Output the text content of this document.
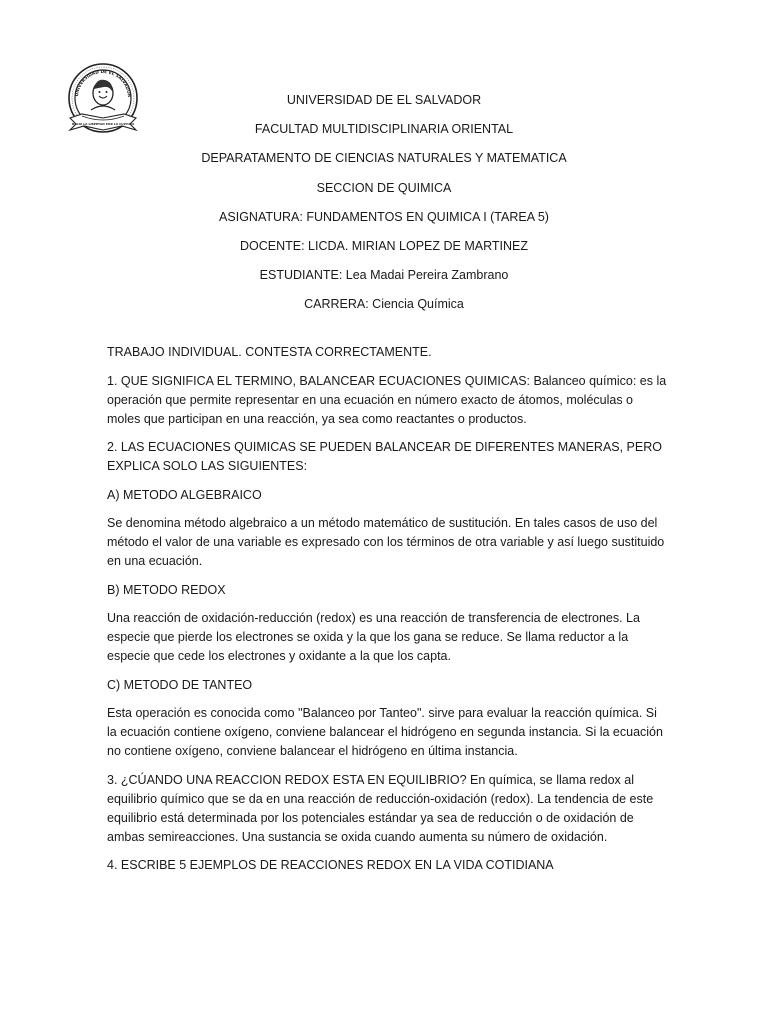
UNIVERSIDAD DE EL SALVADOR
HACIA LA LIBERTAD POR LA CULTURA
UNIVERSIDAD DE EL SALVADOR
FACULTAD MULTIDISCIPLINARIA ORIENTAL
DEPARATAMENTO DE CIENCIAS NATURALES Y MATEMATICA
SECCION DE QUIMICA
ASIGNATURA: FUNDAMENTOS EN QUIMICA I (TAREA 5)
DOCENTE: LICDA. MIRIAN LOPEZ DE MARTINEZ
ESTUDIANTE: Lea Madai Pereira Zambrano
CARRERA: Ciencia Química

TRABAJO INDIVIDUAL. CONTESTA CORRECTAMENTE.

1. QUE SIGNIFICA EL TERMINO, BALANCEAR ECUACIONES QUIMICAS: Balanceo químico: es la operación que permite representar en una ecuación en número exacto de átomos, moléculas o moles que participan en una reacción, ya sea como reactantes o productos.

2. LAS ECUACIONES QUIMICAS SE PUEDEN BALANCEAR DE DIFERENTES MANERAS, PERO EXPLICA SOLO LAS SIGUIENTES:

A) METODO ALGEBRAICO

Se denomina método algebraico a un método matemático de sustitución. En tales casos de uso del método el valor de una variable es expresado con los términos de otra variable y así luego sustituido en una ecuación.

B) METODO REDOX

Una reacción de oxidación-reducción (redox) es una reacción de transferencia de electrones. La especie que pierde los electrones se oxida y la que los gana se reduce. Se llama reductor a la especie que cede los electrones y oxidante a la que los capta.

C) METODO DE TANTEO

Esta operación es conocida como "Balanceo por Tanteo". sirve para evaluar la reacción química. Si la ecuación contiene oxígeno, conviene balancear el hidrógeno en segunda instancia. Si la ecuación no contiene oxígeno, conviene balancear el hidrógeno en última instancia.

3. ¿CÚANDO UNA REACCION REDOX ESTA EN EQUILIBRIO? En química, se llama redox al equilibrio químico que se da en una reacción de reducción-oxidación (redox). La tendencia de este equilibrio está determinada por los potenciales estándar ya sea de reducción o de oxidación de ambas semireacciones. Una sustancia se oxida cuando aumenta su número de oxidación.

4. ESCRIBE 5 EJEMPLOS DE REACCIONES REDOX EN LA VIDA COTIDIANA
